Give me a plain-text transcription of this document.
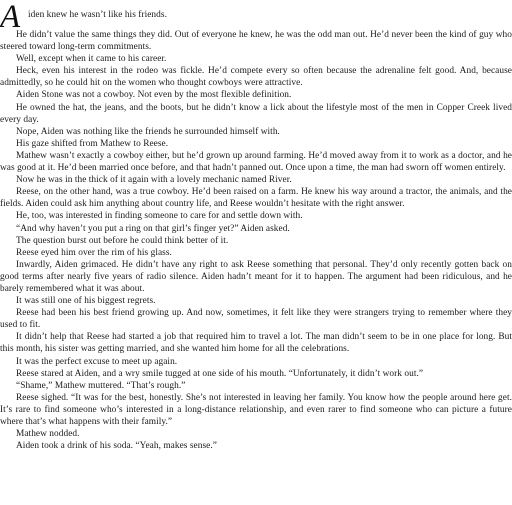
A iden knew he wasn’t like his friends.

He didn’t value the same things they did. Out of everyone he knew, he was the odd man out. He’d never been the kind of guy who steered toward long-term commitments.

Well, except when it came to his career.

Heck, even his interest in the rodeo was fickle. He’d compete every so often because the adrenaline felt good. And, because admittedly, so he could hit on the women who thought cowboys were attractive.

Aiden Stone was not a cowboy. Not even by the most flexible definition.

He owned the hat, the jeans, and the boots, but he didn’t know a lick about the lifestyle most of the men in Copper Creek lived every day.

Nope, Aiden was nothing like the friends he surrounded himself with.

His gaze shifted from Mathew to Reese.

Mathew wasn’t exactly a cowboy either, but he’d grown up around farming. He’d moved away from it to work as a doctor, and he was good at it. He’d been married once before, and that hadn’t panned out. Once upon a time, the man had sworn off women entirely.

Now he was in the thick of it again with a lovely mechanic named River.

Reese, on the other hand, was a true cowboy. He’d been raised on a farm. He knew his way around a tractor, the animals, and the fields. Aiden could ask him anything about country life, and Reese wouldn’t hesitate with the right answer.

He, too, was interested in finding someone to care for and settle down with.

“And why haven’t you put a ring on that girl’s finger yet?” Aiden asked.

The question burst out before he could think better of it.

Reese eyed him over the rim of his glass.

Inwardly, Aiden grimaced. He didn’t have any right to ask Reese something that personal. They’d only recently gotten back on good terms after nearly five years of radio silence. Aiden hadn’t meant for it to happen. The argument had been ridiculous, and he barely remembered what it was about.

It was still one of his biggest regrets.

Reese had been his best friend growing up. And now, sometimes, it felt like they were strangers trying to remember where they used to fit.

It didn’t help that Reese had started a job that required him to travel a lot. The man didn’t seem to be in one place for long. But this month, his sister was getting married, and she wanted him home for all the celebrations.

It was the perfect excuse to meet up again.

Reese stared at Aiden, and a wry smile tugged at one side of his mouth. “Unfortunately, it didn’t work out.”

“Shame,” Mathew muttered. “That’s rough.”

Reese sighed. “It was for the best, honestly. She’s not interested in leaving her family. You know how the people around here get. It’s rare to find someone who’s interested in a long-distance relationship, and even rarer to find someone who can picture a future where that’s what happens with their family.”

Mathew nodded.

Aiden took a drink of his soda. “Yeah, makes sense.”
